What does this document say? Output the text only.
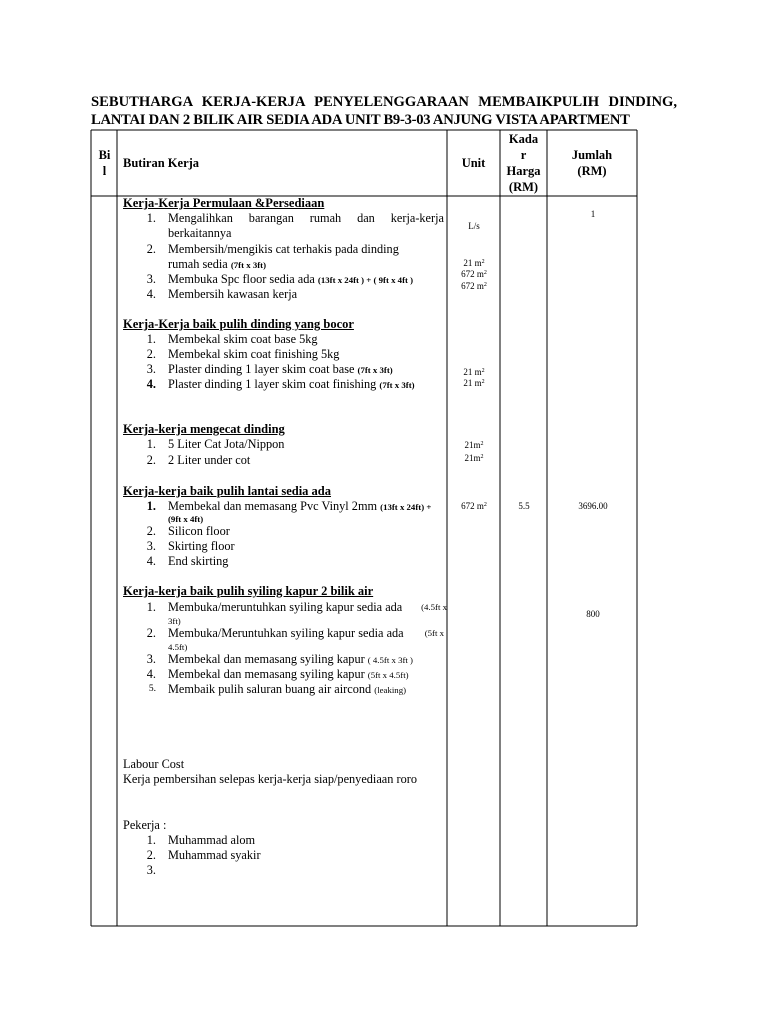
SEBUTHARGA KERJA-KERJA PENYELENGGARAAN MEMBAIKPULIH DINDING,
LANTAI DAN 2 BILIK AIR SEDIA ADA UNIT B9-3-03 ANJUNG VISTA APARTMENT
Bi
l
Butiran Kerja	Unit
Kada
r
Harga
(RM)
Jumlah
(RM)
Kerja-Kerja Permulaan &Persediaan
1. Mengalihkan barangan rumah dan kerja-kerja
berkaitannya
2. Membersih/mengikis cat terhakis pada dinding
rumah sedia (7ft x 3ft)
3. Membuka Spc floor sedia ada (13ft x 24ft ) + ( 9ft x 4ft )
4. Membersih kawasan kerja
Kerja-Kerja baik pulih dinding yang bocor
1. Membekal skim coat base 5kg
2. Membekal skim coat finishing 5kg
3. Plaster dinding 1 layer skim coat base (7ft x 3ft)
4. Plaster dinding 1 layer skim coat finishing (7ft x 3ft)
Kerja-kerja mengecat dinding
1. 5 Liter Cat Jota/Nippon
2. 2 Liter under cot
Kerja-kerja baik pulih lantai sedia ada
1. Membekal dan memasang Pvc Vinyl 2mm (13ft x 24ft) +
(9ft x 4ft)
2. Silicon floor
3. Skirting floor
4. End skirting
Kerja-kerja baik pulih syiling kapur 2 bilik air
1. Membuka/meruntuhkan syiling kapur sedia ada (4.5ft x
3ft)
2. Membuka/Meruntuhkan syiling kapur sedia ada (5ft x
4.5ft)
3. Membekal dan memasang syiling kapur ( 4.5ft x 3ft )
4. Membekal dan memasang syiling kapur (5ft x 4.5ft)
5. Membaik pulih saluran buang air aircond (leaking)
Labour Cost
Kerja pembersihan selepas kerja-kerja siap/penyediaan roro
Pekerja :
1. Muhammad alom
2. Muhammad syakir
3.
L/s
21 $m^2$
672 $m^2$
672 $m^2$
21 $m^2$
21 $m^2$
$21m^2$
$21m^2$
672 $m^2$	5.5
1
3696.00
800
